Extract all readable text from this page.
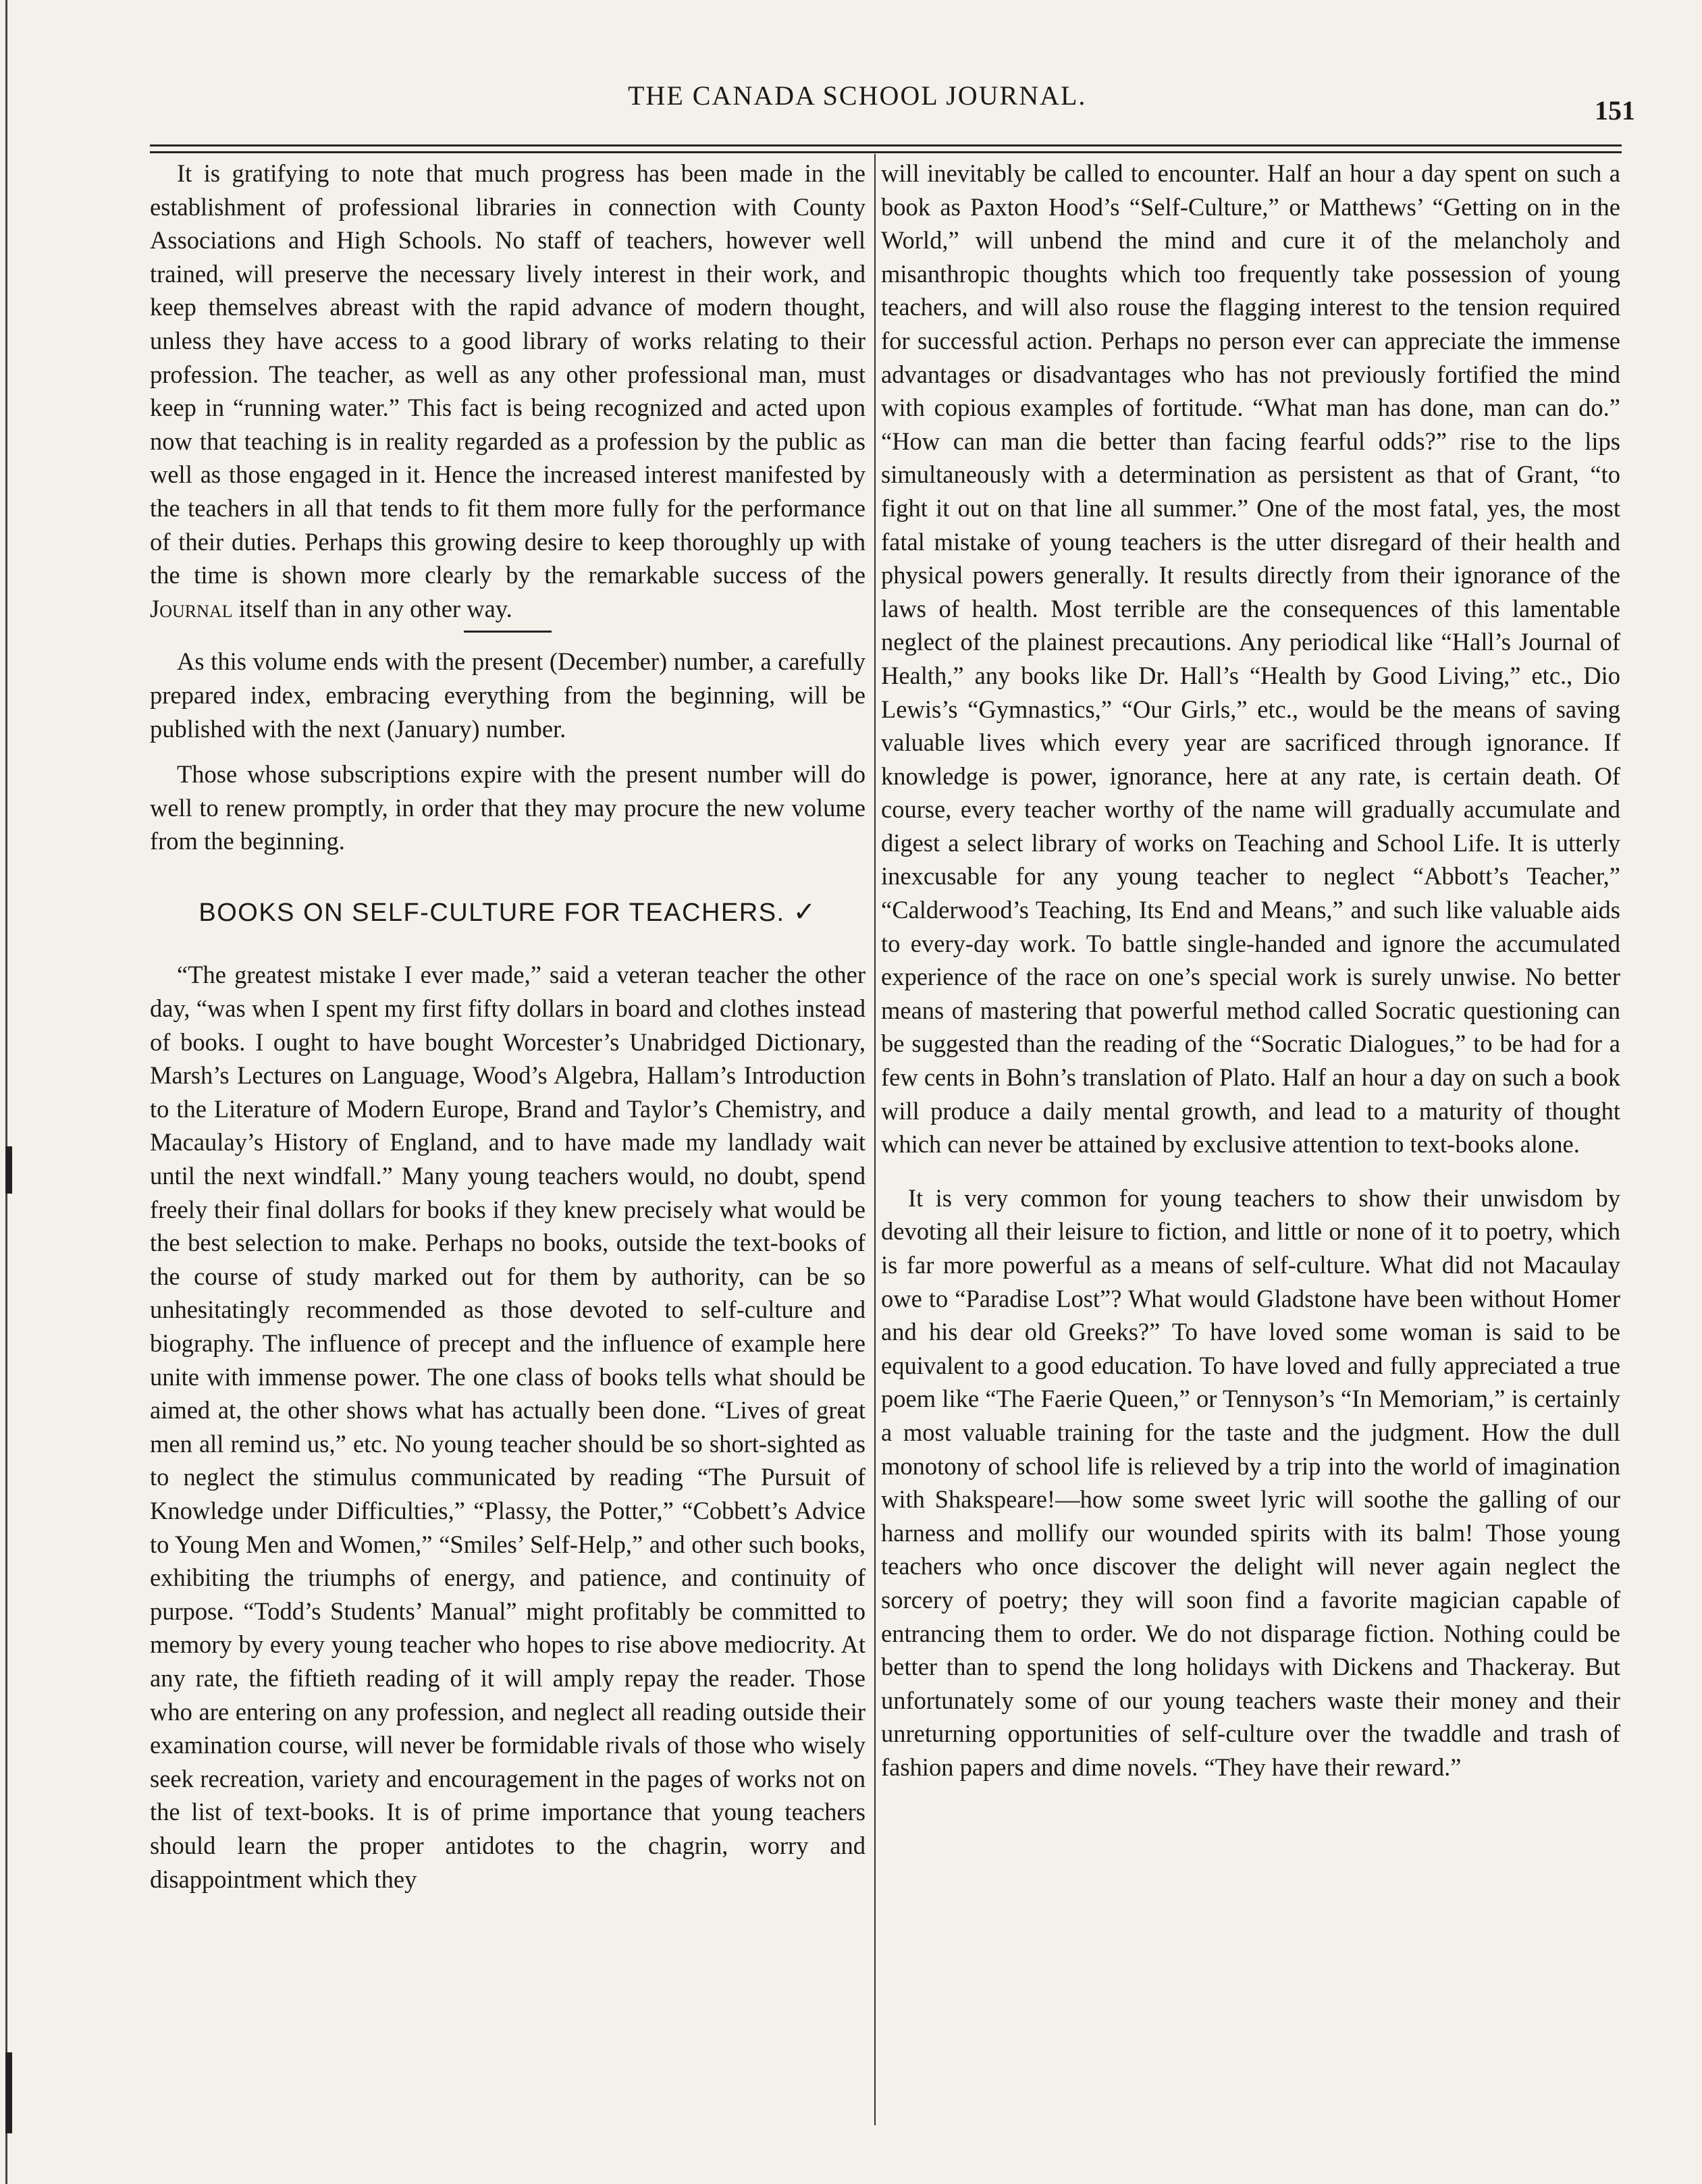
THE CANADA SCHOOL JOURNAL.	151

It is gratifying to note that much progress has been made in the establishment of professional libraries in connection with County Associations and High Schools. No staff of teachers, however well trained, will preserve the necessary lively interest in their work, and keep themselves abreast with the rapid advance of modern thought, unless they have access to a good library of works relating to their profession. The teacher, as well as any other professional man, must keep in “running water.” This fact is being recognized and acted upon now that teaching is in reality regarded as a profession by the public as well as those engaged in it. Hence the increased interest manifested by the teachers in all that tends to fit them more fully for the performance of their duties. Perhaps this growing desire to keep thoroughly up with the time is shown more clearly by the remarkable success of the Journal itself than in any other way.

As this volume ends with the present (December) number, a carefully prepared index, embracing everything from the beginning, will be published with the next (January) number.

Those whose subscriptions expire with the present number will do well to renew promptly, in order that they may procure the new volume from the beginning.

BOOKS ON SELF-CULTURE FOR TEACHERS. ✓

“The greatest mistake I ever made,” said a veteran teacher the other day, “was when I spent my first fifty dollars in board and clothes instead of books. I ought to have bought Worcester’s Unabridged Dictionary, Marsh’s Lectures on Language, Wood’s Algebra, Hallam’s Introduction to the Literature of Modern Europe, Brand and Taylor’s Chemistry, and Macaulay’s History of England, and to have made my landlady wait until the next windfall.” Many young teachers would, no doubt, spend freely their final dollars for books if they knew precisely what would be the best selection to make. Perhaps no books, outside the text-books of the course of study marked out for them by authority, can be so unhesitatingly recommended as those devoted to self-culture and biography. The influence of precept and the influence of example here unite with immense power. The one class of books tells what should be aimed at, the other shows what has actually been done. “Lives of great men all remind us,” etc. No young teacher should be so short-sighted as to neglect the stimulus communicated by reading “The Pursuit of Knowledge under Difficulties,” “Plassy, the Potter,” “Cobbett’s Advice to Young Men and Women,” “Smiles’ Self-Help,” and other such books, exhibiting the triumphs of energy, and patience, and continuity of purpose. “Todd’s Students’ Manual” might profitably be committed to memory by every young teacher who hopes to rise above mediocrity. At any rate, the fiftieth reading of it will amply repay the reader. Those who are entering on any profession, and neglect all reading outside their examination course, will never be formidable rivals of those who wisely seek recreation, variety and encouragement in the pages of works not on the list of text-books. It is of prime importance that young teachers should learn the proper antidotes to the chagrin, worry and disappointment which they

will inevitably be called to encounter. Half an hour a day spent on such a book as Paxton Hood’s “Self-Culture,” or Matthews’ “Getting on in the World,” will unbend the mind and cure it of the melancholy and misanthropic thoughts which too frequently take possession of young teachers, and will also rouse the flagging interest to the tension required for successful action. Perhaps no person ever can appreciate the immense advantages or disadvantages who has not previously fortified the mind with copious examples of fortitude. “What man has done, man can do.” “How can man die better than facing fearful odds?” rise to the lips simultaneously with a determination as persistent as that of Grant, “to fight it out on that line all summer.” One of the most fatal, yes, the most fatal mistake of young teachers is the utter disregard of their health and physical powers generally. It results directly from their ignorance of the laws of health. Most terrible are the consequences of this lamentable neglect of the plainest precautions. Any periodical like “Hall’s Journal of Health,” any books like Dr. Hall’s “Health by Good Living,” etc., Dio Lewis’s “Gymnastics,” “Our Girls,” etc., would be the means of saving valuable lives which every year are sacrificed through ignorance. If knowledge is power, ignorance, here at any rate, is certain death. Of course, every teacher worthy of the name will gradually accumulate and digest a select library of works on Teaching and School Life. It is utterly inexcusable for any young teacher to neglect “Abbott’s Teacher,” “Calderwood’s Teaching, Its End and Means,” and such like valuable aids to every-day work. To battle single-handed and ignore the accumulated experience of the race on one’s special work is surely unwise. No better means of mastering that powerful method called Socratic questioning can be suggested than the reading of the “Socratic Dialogues,” to be had for a few cents in Bohn’s translation of Plato. Half an hour a day on such a book will produce a daily mental growth, and lead to a maturity of thought which can never be attained by exclusive attention to text-books alone.

It is very common for young teachers to show their unwisdom by devoting all their leisure to fiction, and little or none of it to poetry, which is far more powerful as a means of self-culture. What did not Macaulay owe to “Paradise Lost”? What would Gladstone have been without Homer and his dear old Greeks?” To have loved some woman is said to be equivalent to a good education. To have loved and fully appreciated a true poem like “The Faerie Queen,” or Tennyson’s “In Memoriam,” is certainly a most valuable training for the taste and the judgment. How the dull monotony of school life is relieved by a trip into the world of imagination with Shakspeare!—how some sweet lyric will soothe the galling of our harness and mollify our wounded spirits with its balm! Those young teachers who once discover the delight will never again neglect the sorcery of poetry; they will soon find a favorite magician capable of entrancing them to order. We do not disparage fiction. Nothing could be better than to spend the long holidays with Dickens and Thackeray. But unfortunately some of our young teachers waste their money and their unreturning opportunities of self-culture over the twaddle and trash of fashion papers and dime novels. “They have their reward.”
